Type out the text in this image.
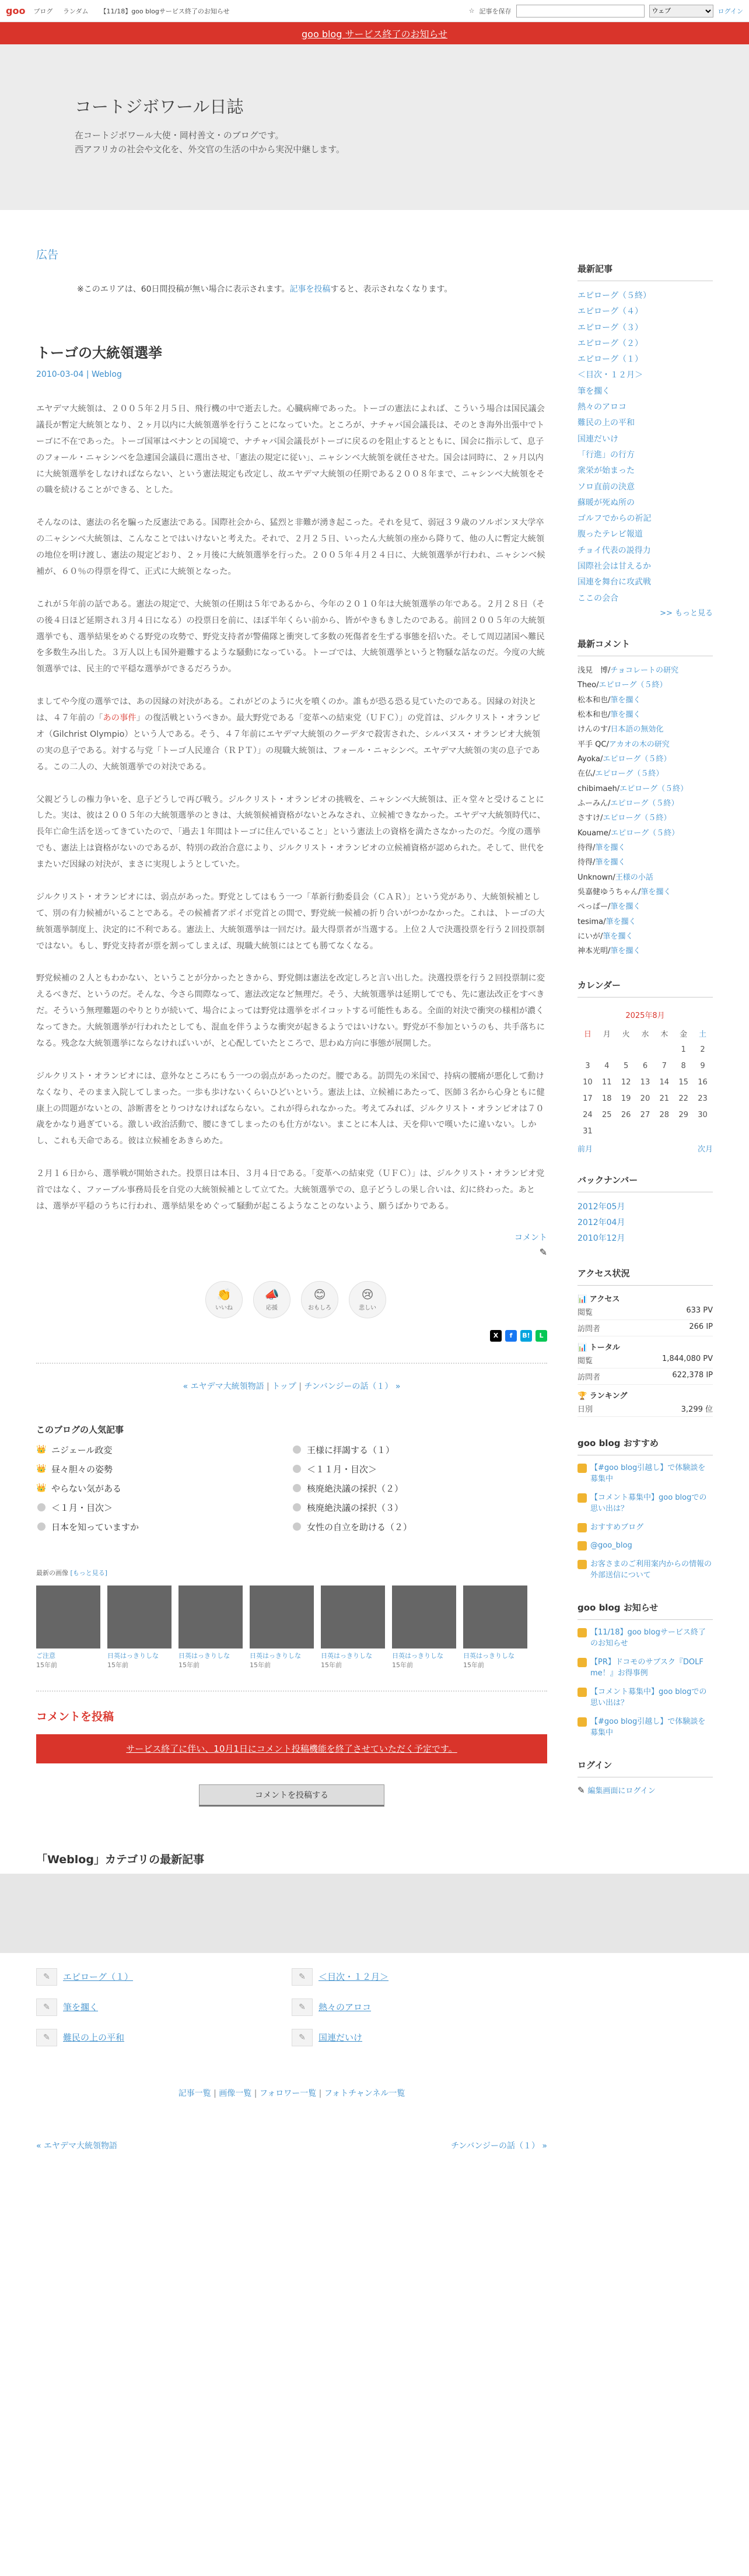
goo ブログ ランダム	【11/18】goo blogサービス終了のお知らせ	☆ 記事を保存
ウェブ	ログイン
goo blog サービス終了のお知らせ
コートジボワール日誌

在コートジボワール大使・岡村善文・のブログです。

西アフリカの社会や文化を、外交官の生活の中から実況中継します。

広告
※このエリアは、60日間投稿が無い場合に表示されます。記事を投稿すると、表示されなくなります。
トーゴの大統領選挙
2010-03-04 | Weblog

エヤデマ大統領は、２００５年２月５日、飛行機の中で逝去した。心臓病痺であった。トーゴの憲法によれば、こういう場合は国民議会議長が暫定大統領となり、２ヶ月以内に大統領選挙を行うことになっていた。ところが、ナチャバ国会議長は、そのとき海外出張中でトーゴに不在であった。トーゴ国軍はベナンとの国境で、ナチャバ国会議長がトーゴに戻るのを阻止するとともに、国会に指示して、息子のフォール・ニャシンベを急遽国会議員に選出させ、「憲法の規定に従い」、ニャシンベ大統領を就任させた。国会は同時に、２ヶ月以内に大統領選挙をしなければならない、という憲法規定も改定し、故エヤデマ大統領の任期である２００８年まで、ニャシンベ大統領をその職を続けることができる、とした。

そんなのは、憲法の名を騙った反憲法である。国際社会から、猛烈と非難が湧き起こった。それを見て、弱冠３９歳のソルボンヌ大学卒の二ャシンベ大統領は、こんなことではいけないと考えた。それで、２月２５日、いったん大統領の座から降りて、他の人に暫定大統領の地位を明け渡し、憲法の規定どおり、２ヶ月後に大統領選挙を行った。２００５年４月２４日に、大統領選挙が行われ、ニャシンベ候補が、６０％の得票を得て、正式に大統領となった。

これが５年前の話である。憲法の規定で、大統領の任期は５年であるから、今年の２０１０年は大統領選挙の年である。２月２８日（その後４日ほど延期され３月４日になる）の投票日を前に、ほぼ半年くらい前から、皆がやきもきしたのである。前回２００５年の大統領選挙でも、選挙結果をめぐる野党の攻勢で、野党支持者が警備隊と衝突して多数の死傷者を生ずる事態を招いた。そして周辺諸国へ難民を多数生み出した。３万人以上も国外避難するような騒動になっている。トーゴでは、大統領選挙というと物騒な話なのだ。今度の大統領選挙では、民主的で平穏な選挙ができるだろうか。

ましてや今度の選挙では、あの因縁の対決がある。これがどのように火を噴くのか。誰もが恐る恐る見ていたのである。因縁の対決とは、４７年前の「あの事件」の復活戦というべきか。最大野党である「変革への結束党（ＵＦＣ）」の党首は、ジルクリスト・オランピオ（Gilchrist Olympio）という人である。そう、４７年前にエヤデマ大統領のクーデタで殺害された、シルバヌス・オランピオ大統領の実の息子である。対する与党「トーゴ人民連合（ＲＰＴ）」の現職大統領は、フォール・ニャシンベ。エヤデマ大統領の実の息子である。この二人の、大統領選挙での対決である。

父親どうしの権力争いを、息子どうしで再び戦う。ジルクリスト・オランピオの挑戦を、ニャシンベ大統領は、正々堂々と受けることにした。実は、彼は２００５年の大統領選挙のときは、大統領候補資格がないとみなされ、立候補できなかった。エヤデマ大統領時代に、長年亡命生活を送ってきていたので、「過去１年間はトーゴに住んでいること」という憲法上の資格を満たさなかったのだ。今度の選挙でも、憲法上は資格がないのであるが、特別の政治合意により、ジルクリスト・オランピオの立候補資格が認められた。そして、世代をまたいだ因縁の対決が、まさに実現しようとしていた。

ジルクリスト・オランピオには、弱点があった。野党としてはもう一つ「革新行動委員会（ＣＡＲ）」という党があり、大統領候補として、別の有力候補がいることである。その候補者アポイボ党首との間で、野党統一候補の折り合いがつかなかった。これは、トーゴの大統領選挙制度上、決定的に不利である。憲法上、大統領選挙は一回だけ。最大得票者が当選する。上位２人で決選投票を行う２回投票制ではない。もし、野党支持者が票を割ってしまえば、現職大統領にはとても勝てなくなる。

野党候補の２人ともわかない、ということが分かったときから、野党側は憲法を改定しろと言い出した。決選投票を行う２回投票制に変えるべきだ、というのだ。そんな、今さら間際なって、憲法改定など無理だ。そう、大統領選挙は延期してでも、先に憲法改正をすべきだ。そういう無理難題のやりとりが続いて、場合によっては野党は選挙をボイコットする可能性もある。全面的対決で衝突の様相が濃くなってきた。大統領選挙が行われたとしても、混血を伴うような衝突が起きるようではいけない。野党が不参加というのも、共手落ちになる。残念な大統領選挙にならなければいいが、と心配していたところで、思わぬ方向に事態が展開した。

ジルクリスト・オランピオには、意外なところにもう一つの弱点があったのだ。腰である。訪問先の米国で、持病の腰痛が悪化して動けなくなり、そのまま入院してしまった。一歩も歩けないくらいひどいという。憲法上は、立候補にあたって、医師３名から心身ともに健康上の問題がないとの、診断書をとりつけなければならない。これが得られなかった。考えてみれば、ジルクリスト・オランピオは７０歳をかなり過ぎている。激しい政治活動で、腰にきてしまったのも仕方がない。まことに本人は、天を仰いで嘆いたに違いない。しかし、これも天命である。彼は立候補をあきらめた。

２月１６日から、選挙戦が開始された。投票日は本日、３月４日である。「変革への結束党（ＵＦＣ）」は、ジルクリスト・オランピオ党首ではなく、ファーブル事務局長を自党の大統領候補として立てた。大統領選挙での、息子どうしの果し合いは、幻に終わった。あとは、選挙が平穏のうちに行われ、選挙結果をめぐって騒動が起こるようなことのないよう、願うばかりである。

コメント
✎
👏
いいね
📣
応援
😊
おもしろ
😢
悲しい
X	f	B!	L
« エヤデマ大統領物語 | トップ | チンバンジーの話（１） »
このブログの人気記事
👑 ニジェール政変	王様に拝謁する（１）
👑 昼々胆々の姿勢	＜１１月・目次＞
👑 やらない気がある	核廃絶決議の採択（２）
＜１月・目次＞	核廃絶決議の採択（３）
日本を知っていますか	女性の自立を助ける（２）
最新の画像 [もっと見る]
ご注意
15年前
日英はっきりしな
15年前
日英はっきりしな
15年前
日英はっきりしな
15年前
日英はっきりしな
15年前
日英はっきりしな
15年前
日英はっきりしな
15年前
コメントを投稿
サービス終了に伴い、10月1日にコメント投稿機能を終了させていただく予定です。
コメントを投稿する
「Weblog」カテゴリの最新記事
✎	エピローグ（１）	✎	＜目次・１２月＞
✎	筆を擱く	✎	熱々のアロコ
✎	難民の上の平和	✎	国連だいけ
記事一覧 | 画像一覧 | フォロワー一覧 | フォトチャンネル一覧
« エヤデマ大統領物語	チンバンジーの話（１） »
最新記事
エピローグ（５終）
エピローグ（４）
エピローグ（３）
エピローグ（２）
エピローグ（１）
＜目次・１２月＞
筆を擱く
熱々のアロコ
難民の上の平和
国連だいけ
「行進」の行方
衆栄が始まった
ソロ直前の決意
蘇暖が死ぬ所の
ゴルフでからの祈記
腹ったテレビ報道
チョイ代表の説得力
国際社会は甘えるか
国連を舞台に攻武戦
ここの会合
>> もっと見る
最新コメント
浅見　博/チョコレートの研究
Theo/エピローグ（５終）
松本和也/筆を擱く
松本和也/筆を擱く
けんのす/日本語の無効化
平手 QC/アカオの木の研究
Ayoka/エピローグ（５終）
在仏/エピローグ（５終）
chibimaeh/エピローグ（５終）
ふーみん/エピローグ（５終）
さすけ/エピローグ（５終）
Kouame/エピローグ（５終）
待得/筆を擱く
待得/筆を擱く
Unknown/王様の小話
吳嘉健ゆうちゃん/筆を擱く
ぺっぱー/筆を擱く
tesima/筆を擱く
にいが/筆を擱く
神本光明/筆を擱く
カレンダー
2025年8月
日	月	火	水	木	金	土
					1	2
3	4	5	6	7	8	9
10	11	12	13	14	15	16
17	18	19	20	21	22	23
24	25	26	27	28	29	30
31						
前月	次月
バックナンバー
2012年05月
2012年04月
2010年12月
アクセス状況
📊 アクセス
閲覧	633 PV
訪問者	266 IP
📊 トータル
閲覧	1,844,080 PV
訪問者	622,378 IP
🏆 ランキング
日別	3,299 位
goo blog おすすめ
【#goo blog引越し】で体験談を募集中
【コメント募集中】goo blogでの思い出は？
おすすめブログ
@goo_blog
お客さまのご利用案内からの情報の外部送信について
goo blog お知らせ
【11/18】goo blogサービス終了のお知らせ
【PR】ドコモのサブスク『DOLF me！』お得事例
【コメント募集中】goo blogでの思い出は？
【#goo blog引越し】で体験談を募集中
ログイン
✎ 編集画面にログイン
